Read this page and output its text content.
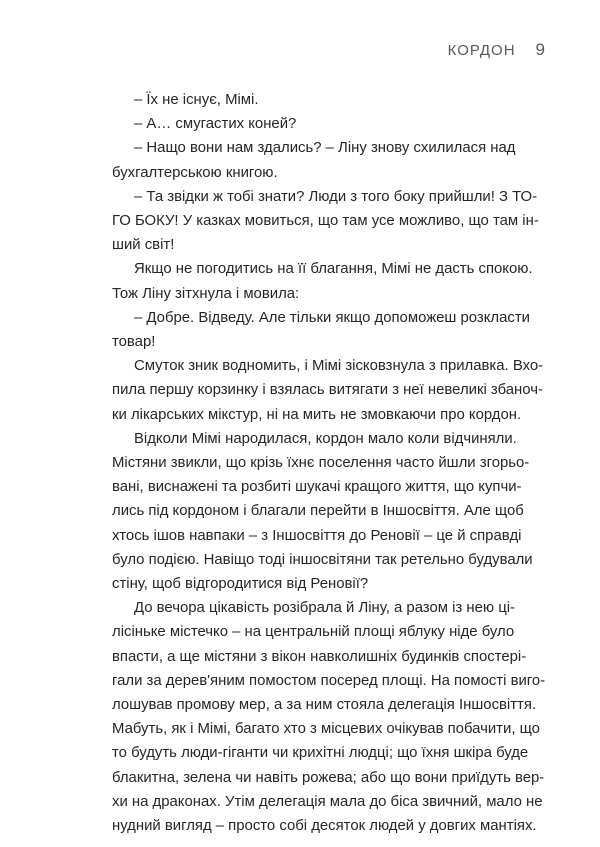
КОРДОН 9

– Їх не існує, Мімі.

– А… смугастих коней?

– Нащо вони нам здались? – Ліну знову схилилася над
бухгалтерською книгою.

– Та звідки ж тобі знати? Люди з того боку прийшли! З ТО-
ГО БОКУ! У казках мовиться, що там усе можливо, що там ін-
ший світ!

Якщо не погодитись на її благання, Мімі не дасть спокою.
Тож Ліну зітхнула і мовила:

– Добре. Відведу. Але тільки якщо допоможеш розкласти
товар!

Смуток зник водномить, і Мімі зісковзнула з прилавка. Вхо-
пила першу корзинку і взялась витягати з неї невеликі збаноч-
ки лікарських мікстур, ні на мить не змовкаючи про кордон.

Відколи Мімі народилася, кордон мало коли відчиняли.
Містяни звикли, що крізь їхнє поселення часто йшли згорьо-
вані, виснажені та розбиті шукачі кращого життя, що купчи-
лись під кордоном і благали перейти в Іншосвіття. Але щоб
хтось ішов навпаки – з Іншосвіття до Реновії – це й справді
було подією. Навіщо тоді іншосвітяни так ретельно будували
стіну, щоб відгородитися від Реновії?

До вечора цікавість розібрала й Ліну, а разом із нею ці-
лісіньке містечко – на центральній площі яблуку ніде було
впасти, а ще містяни з вікон навколишніх будинків спостері-
гали за дерев'яним помостом посеред площі. На помості виго-
лошував промову мер, а за ним стояла делегація Іншосвіття.
Мабуть, як і Мімі, багато хто з місцевих очікував побачити, що
то будуть люди-гіганти чи крихітні людці; що їхня шкіра буде
блакитна, зелена чи навіть рожева; або що вони приїдуть вер-
хи на драконах. Утім делегація мала до біса звичний, мало не
нудний вигляд – просто собі десяток людей у довгих мантіях.
